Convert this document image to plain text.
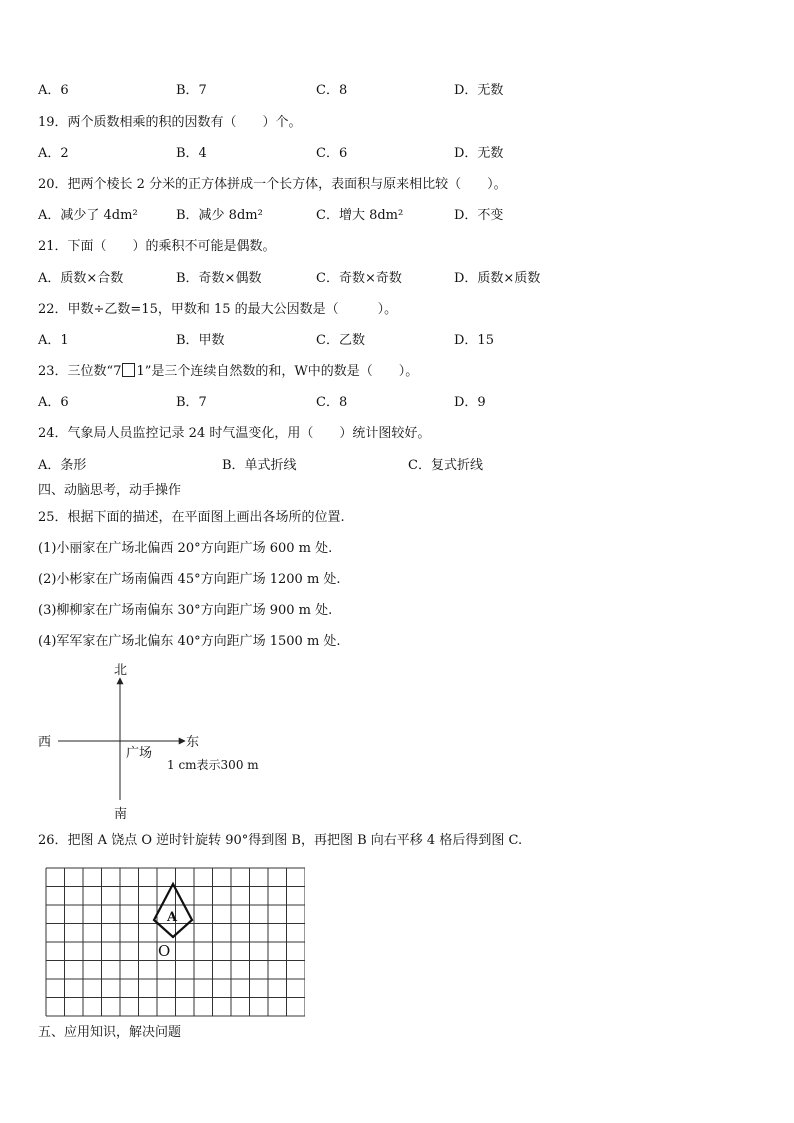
A．6	B．7	C．8	D．无数
19．两个质数相乘的积的因数有（　　）个。
A．2	B．4	C．6	D．无数
20．把两个棱长 2 分米的正方体拼成一个长方体，表面积与原来相比较（　　）。
A．减少了 4dm²	B．减少 8dm²	C．增大 8dm²	D．不变
21．下面（　　）的乘积不可能是偶数。
A．质数×合数	B．奇数×偶数	C．奇数×奇数	D．质数×质数
22．甲数÷乙数=15，甲数和 15 的最大公因数是（　　　）。
A．1	B．甲数	C．乙数	D．15
23．三位数“7 1”是三个连续自然数的和，W中的数是（　　）。
A．6	B．7	C．8	D．9
24．气象局人员监控记录 24 时气温变化，用（　　）统计图较好。
A．条形	B．单式折线	C．复式折线
四、动脑思考，动手操作
25．根据下面的描述，在平面图上画出各场所的位置.
(1)小丽家在广场北偏西 20°方向距广场 600 m 处.
(2)小彬家在广场南偏西 45°方向距广场 1200 m 处.
(3)柳柳家在广场南偏东 30°方向距广场 900 m 处.
(4)军军家在广场北偏东 40°方向距广场 1500 m 处.
北
南
西	东
广场
1 cm表示300 m
26．把图 A 饶点 O 逆时针旋转 90°得到图 B，再把图 B 向右平移 4 格后得到图 C.
A
O
五、应用知识，解决问题
